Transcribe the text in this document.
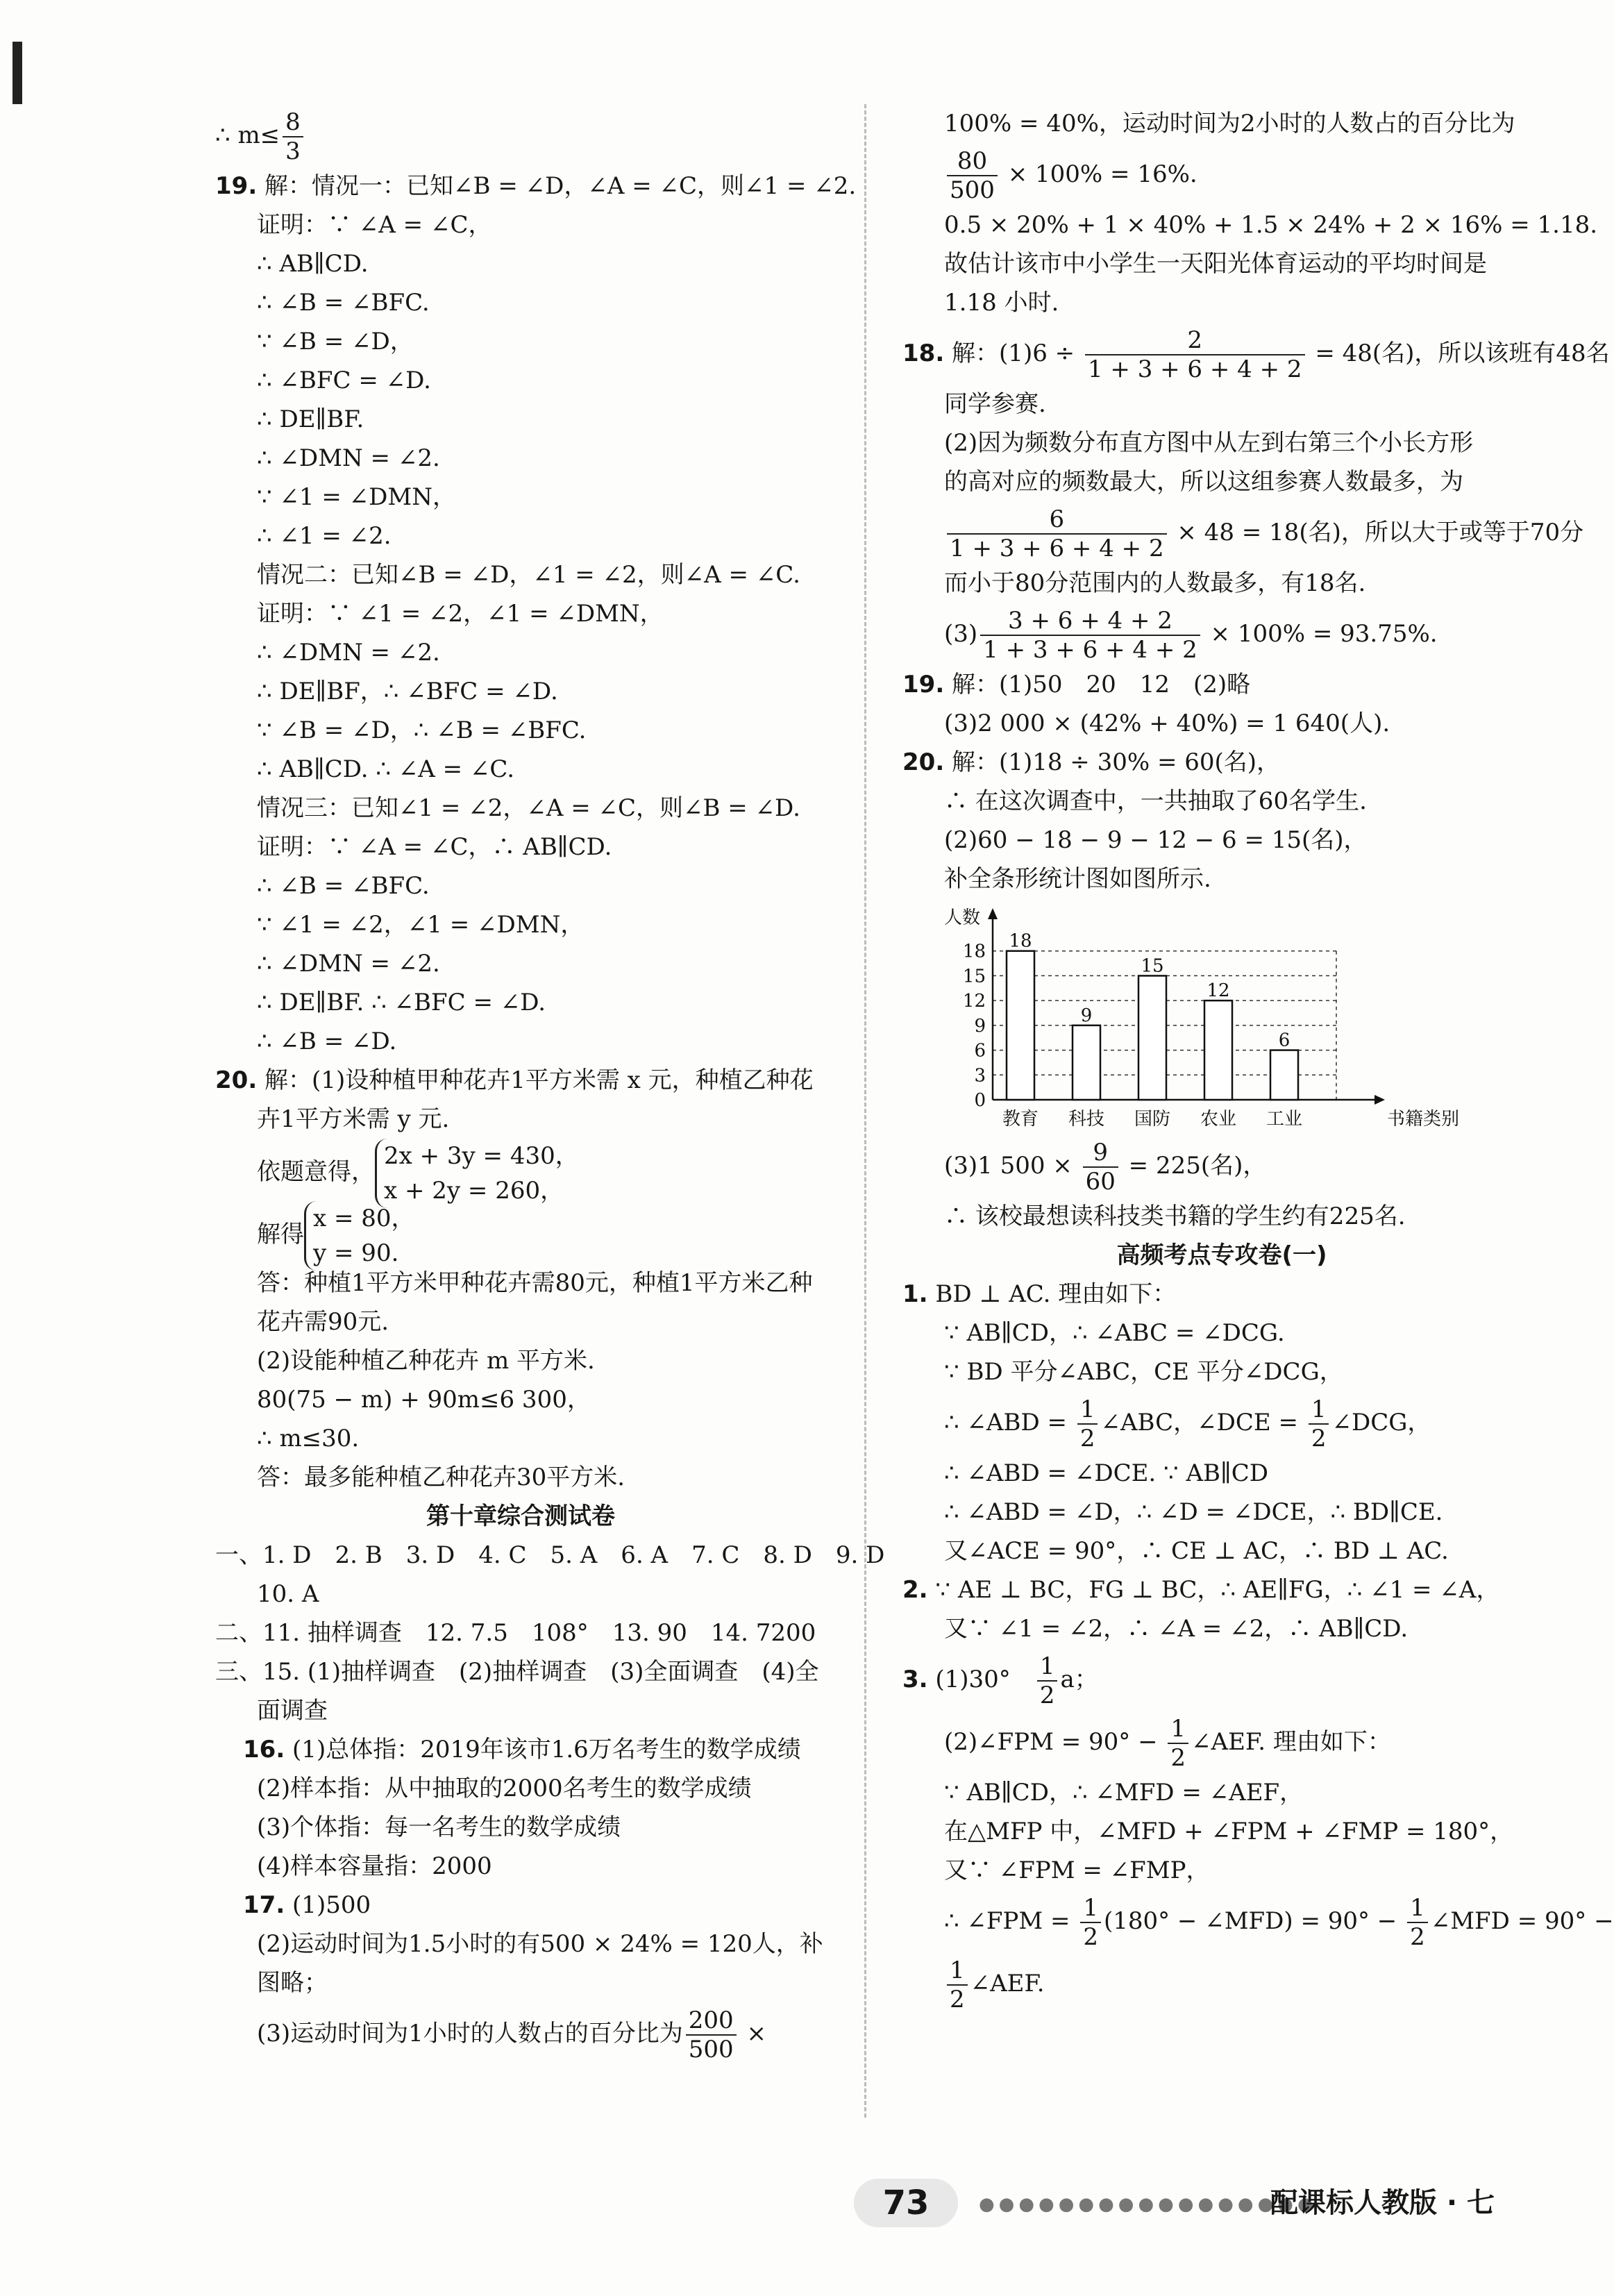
∴ $m\le \frac{8}{3}$
19. 解：情况一：已知∠B = ∠D，∠A = ∠C，则∠1 = ∠2.
证明：∵ ∠A = ∠C，
∴ AB∥CD.
∴ ∠B = ∠BFC.
∵ ∠B = ∠D，
∴ ∠BFC = ∠D.
∴ DE∥BF.
∴ ∠DMN = ∠2.
∵ ∠1 = ∠DMN，
∴ ∠1 = ∠2.
情况二：已知∠B = ∠D，∠1 = ∠2，则∠A = ∠C.
证明：∵ ∠1 = ∠2，∠1 = ∠DMN，
∴ ∠DMN = ∠2.
∴ DE∥BF，∴ ∠BFC = ∠D.
∵ ∠B = ∠D，∴ ∠B = ∠BFC.
∴ AB∥CD. ∴ ∠A = ∠C.
情况三：已知∠1 = ∠2，∠A = ∠C，则∠B = ∠D.
证明：∵ ∠A = ∠C，∴ AB∥CD.
∴ ∠B = ∠BFC.
∵ ∠1 = ∠2，∠1 = ∠DMN，
∴ ∠DMN = ∠2.
∴ DE∥BF. ∴ ∠BFC = ∠D.
∴ ∠B = ∠D.
20. 解：(1)设种植甲种花卉1平方米需 x 元，种植乙种花
卉1平方米需 y 元.
依题意得，
2x + 3y = 430，
x + 2y = 260，
解得
x = 80，
y = 90.
答：种植1平方米甲种花卉需80元，种植1平方米乙种
花卉需90元.
(2)设能种植乙种花卉 m 平方米.
80(75 − m) + 90m≤6 300，
∴ m≤30.
答：最多能种植乙种花卉30平方米.
第十章综合测试卷
一、1. D　2. B　3. D　4. C　5. A　6. A　7. C　8. D　9. D
10. A
二、11. 抽样调查　12. 7.5　108°　13. 90　14. 7200
三、15. (1)抽样调查　(2)抽样调查　(3)全面调查　(4)全
面调查
16. (1)总体指：2019年该市1.6万名考生的数学成绩
(2)样本指：从中抽取的2000名考生的数学成绩
(3)个体指：每一名考生的数学成绩
(4)样本容量指：2000
17. (1)500
(2)运动时间为1.5小时的有500 × 24% = 120人，补
图略；
(3)运动时间为1小时的人数占的百分比为 $\frac{200}{500}$ ×
100% = 40%，运动时间为2小时的人数占的百分比为
$\frac{80}{500} \times 100\% = 16\%$.
0.5 × 20% + 1 × 40% + 1.5 × 24% + 2 × 16% = 1.18.
故估计该市中小学生一天阳光体育运动的平均时间是
1.18 小时.
18. 解：$(1)6 \div \frac{2}{1 + 3 + 6 + 4 + 2} = 48$(名)，所以该班有48名
同学参赛.
(2)因为频数分布直方图中从左到右第三个小长方形
的高对应的频数最大，所以这组参赛人数最多，为
$\frac{6}{1 + 3 + 6 + 4 + 2} \times 48 = 18$(名)，所以大于或等于70分
而小于80分范围内的人数最多，有18名.
$(3) \frac{3 + 6 + 4 + 2}{1 + 3 + 6 + 4 + 2} \times 100\% = 93.75\%$.
19. 解：(1)50　20　12　(2)略
(3)2 000 × (42% + 40%) = 1 640(人).
20. 解：(1)18 ÷ 30% = 60(名)，
∴ 在这次调查中，一共抽取了60名学生.
(2)60 − 18 − 9 − 12 − 6 = 15(名)，
补全条形统计图如图所示.
0
3
6
9
12
15
18
人数
18
教育
9
科技
15
国防
12
农业
6
工业	书籍类别
(3)1 $500 \times \frac{9}{60} = 225$(名)，
∴ 该校最想读科技类书籍的学生约有225名.
高频考点专攻卷(一)
1. BD ⊥ AC. 理由如下：
∵ AB∥CD，∴ ∠ABC = ∠DCG.
∵ BD 平分∠ABC，CE 平分∠DCG，
∴ ∠ABD = $\frac{1}{2}$ ∠ABC，∠DCE = $\frac{1}{2}$ ∠DCG，
∴ ∠ABD = ∠DCE. ∵ AB∥CD
∴ ∠ABD = ∠D，∴ ∠D = ∠DCE，∴ BD∥CE.
又∠ACE = 90°，∴ CE ⊥ AC，∴ BD ⊥ AC.
2. ∵ AE ⊥ BC，FG ⊥ BC，∴ AE∥FG，∴ ∠1 = ∠A，
又∵ ∠1 = ∠2，∴ ∠A = ∠2，∴ AB∥CD.
3. (1)30°　 $\frac{1}{2}$ a；
(2)∠FPM = $90^\circ - \frac{1}{2}$ ∠AEF. 理由如下：
∵ AB∥CD，∴ ∠MFD = ∠AEF，
在△MFP 中，∠MFD + ∠FPM + ∠FMP = 180°，
又∵ ∠FPM = ∠FMP，
∴ ∠FPM = $\frac{1}{2} (180^\circ$ − ∠MFD) = $90^\circ - \frac{1}{2}$ ∠MFD = 90° −
$\frac{1}{2}$ ∠AEF.
73	●●●●●●●●●●●●●●●●●
配课标人教版 · 七
